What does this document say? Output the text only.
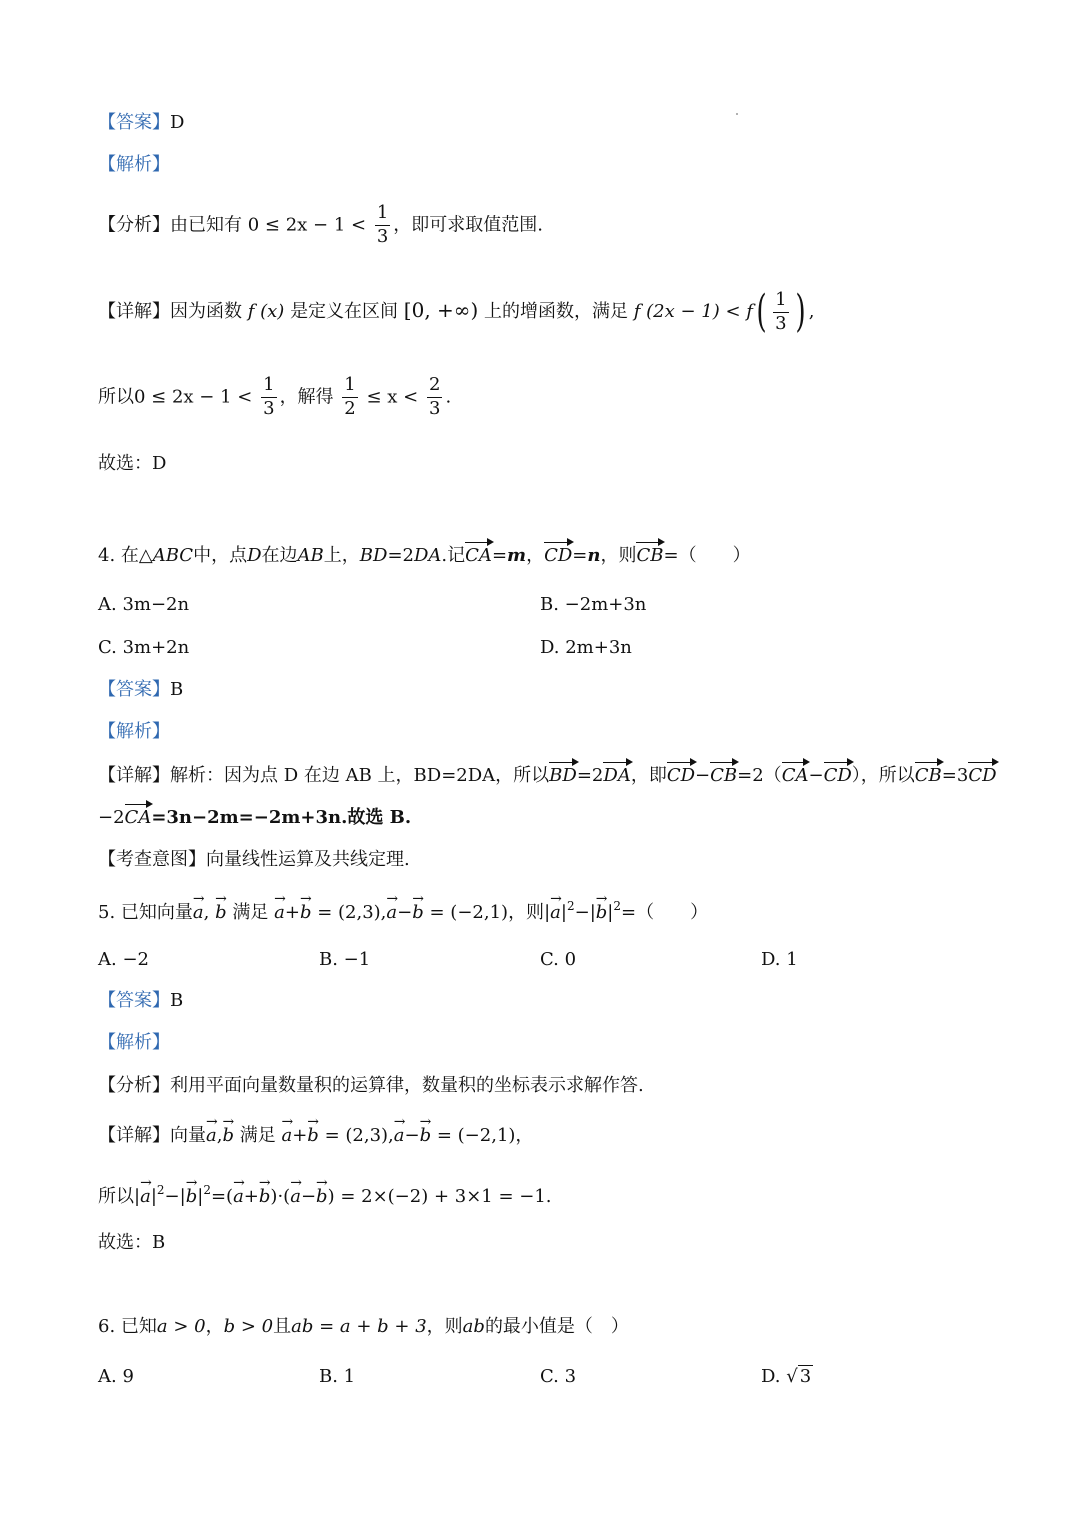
【答案】D
【解析】
【分析】由已知有 $0 \le 2x - 1 < \frac{1}{3}$ ，即可求取值范围.
【详解】因为函数 f (x) 是定义在区间 [0, +∞) 上的增函数，满足 f $(2x - 1) < f( \frac{1}{3}$ ) ,
所以$0 \le 2x - 1 < \frac{1}{3}$ ，解得 $\frac{1}{2} \le x < \frac{2}{3}$ .
故选：D
4. 在△ABC中，点D在边AB上，BD=2DA.记CA=m，CD=n，则CB=（　　）
A. 3m−2n	B. −2m+3n
C. 3m+2n	D. 2m+3n
【答案】B
【解析】
【详解】解析：因为点 D 在边 AB 上，BD=2DA，所以BD=2DA，即CD−CB=2（CA−CD），所以CB=3CD
−2CA=3n−2m=−2m+3n.故选 B.
【考查意图】向量线性运算及共线定理.
5. 已知向量→ a, → b 满足 → a+→ b = (2,3),→ a−→ b = (−2,1)，则|→ $a|^2-|\to b|^2=$（　　）
A. −2	B. −1	C. 0	D. 1
【答案】B
【解析】
【分析】利用平面向量数量积的运算律，数量积的坐标表示求解作答.
【详解】向量→ a,→ b 满足 → a+→ b = (2,3),→ a−→ b = (−2,1)，
所以|→ $a|^2-|\to b|^2=(\to a+\to b)\cdot(\to a-\to b) = 2\times(-2) + 3\times 1 = -1$.
故选：B
6. 已知a > 0，b > 0且ab = a + b + 3，则ab的最小值是（　）
A. 9	B. 1	C. 3	D. √ 3
